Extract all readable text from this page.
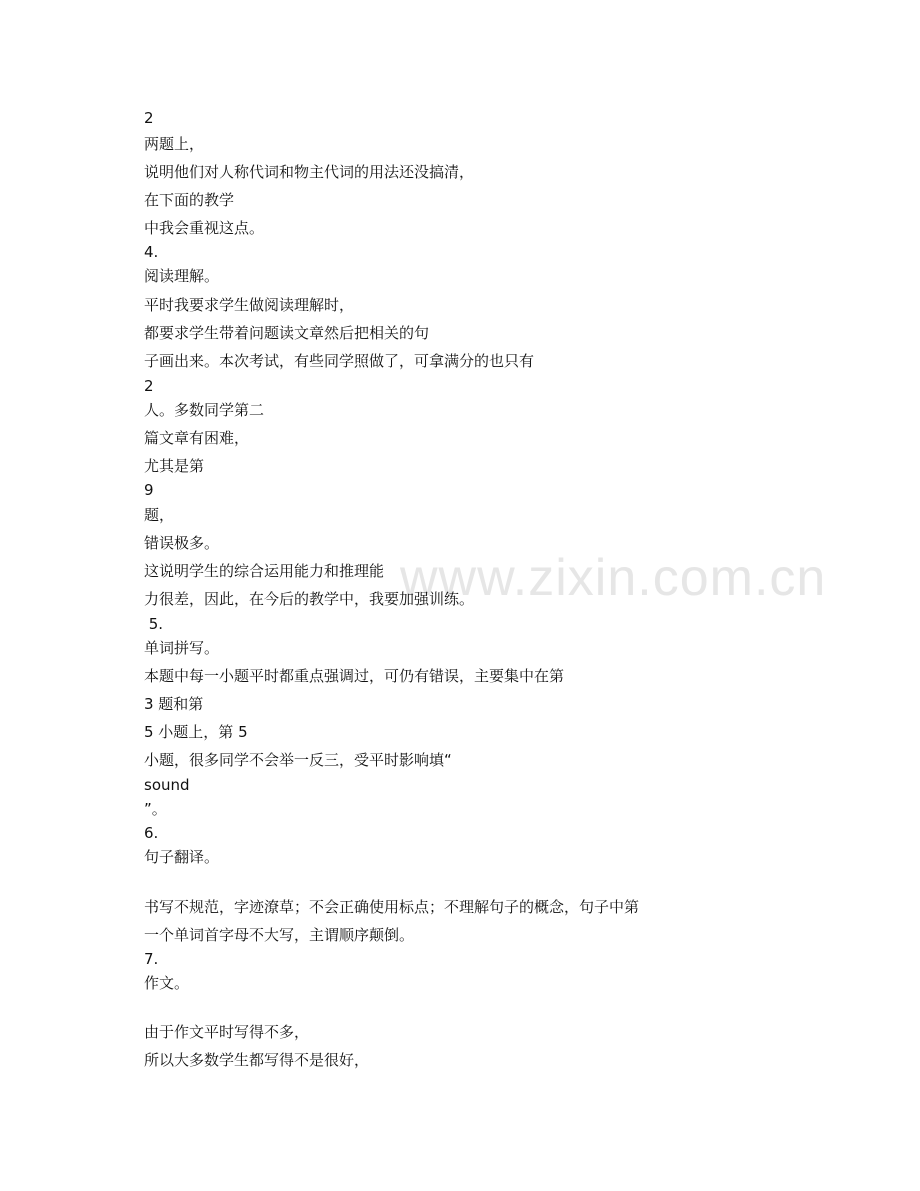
www.zixin.com.cn
2
两题上，
说明他们对人称代词和物主代词的用法还没搞清，
在下面的教学
中我会重视这点。
4.
阅读理解。
平时我要求学生做阅读理解时，
都要求学生带着问题读文章然后把相关的句
子画出来。本次考试，有些同学照做了，可拿满分的也只有
2
人。多数同学第二
篇文章有困难，
尤其是第
9
题，
错误极多。
这说明学生的综合运用能力和推理能
力很差，因此，在今后的教学中，我要加强训练。
5.
单词拼写。
本题中每一小题平时都重点强调过，可仍有错误，主要集中在第
3 题和第
5 小题上，第 5
小题，很多同学不会举一反三，受平时影响填“
sound
”。
6.
句子翻译。
书写不规范，字迹潦草；不会正确使用标点；不理解句子的概念，句子中第
一个单词首字母不大写，主谓顺序颠倒。
7.
作文。
由于作文平时写得不多，
所以大多数学生都写得不是很好，
